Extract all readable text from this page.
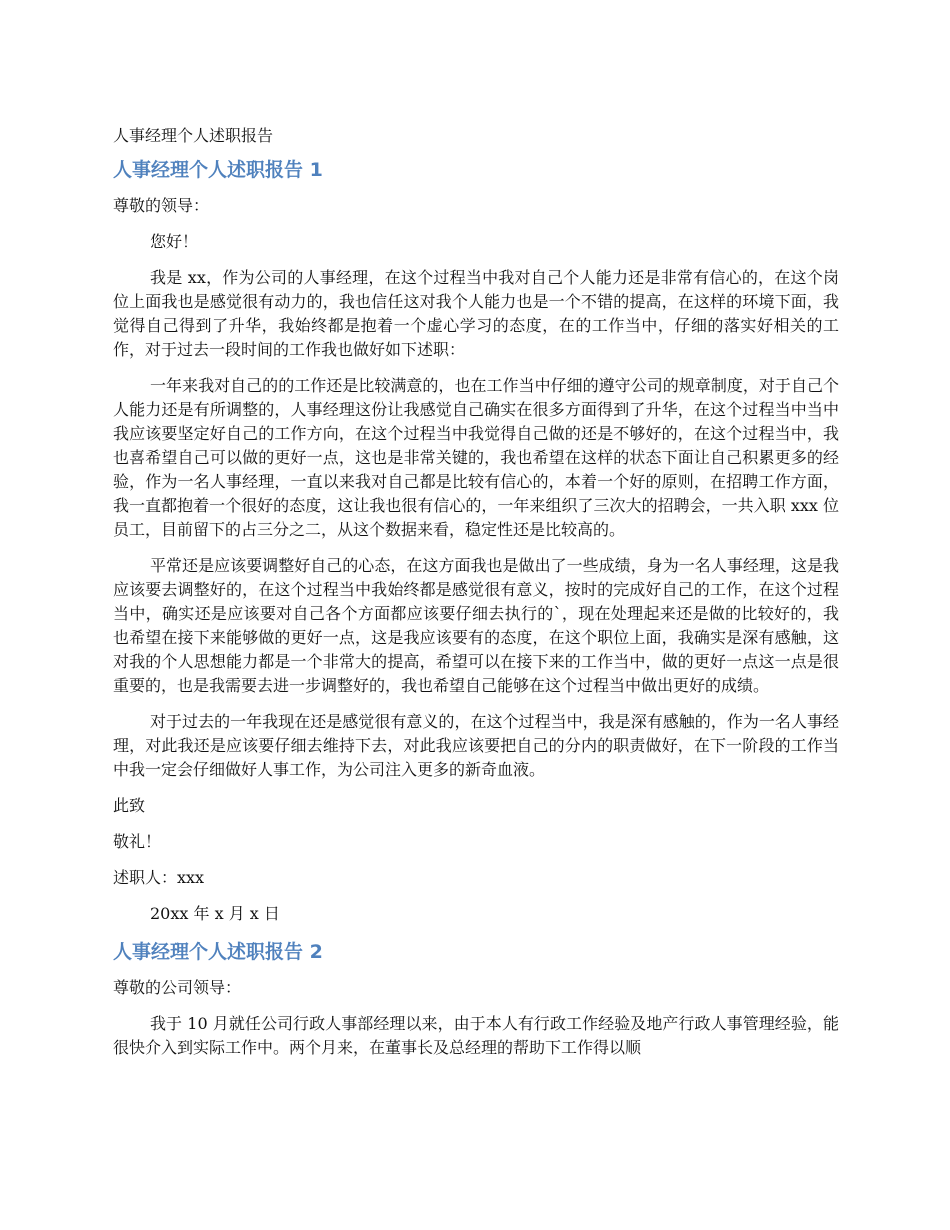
人事经理个人述职报告
人事经理个人述职报告 1
尊敬的领导：
您好！
我是 xx，作为公司的人事经理，在这个过程当中我对自己个人能力还是非常有信心的，在这个岗位上面我也是感觉很有动力的，我也信任这对我个人能力也是一个不错的提高，在这样的环境下面，我觉得自己得到了升华，我始终都是抱着一个虚心学习的态度，在的工作当中，仔细的落实好相关的工作，对于过去一段时间的工作我也做好如下述职：
一年来我对自己的的工作还是比较满意的，也在工作当中仔细的遵守公司的规章制度，对于自己个人能力还是有所调整的，人事经理这份让我感觉自己确实在很多方面得到了升华，在这个过程当中当中我应该要坚定好自己的工作方向，在这个过程当中我觉得自己做的还是不够好的，在这个过程当中，我也喜希望自己可以做的更好一点，这也是非常关键的，我也希望在这样的状态下面让自己积累更多的经验，作为一名人事经理，一直以来我对自己都是比较有信心的，本着一个好的原则，在招聘工作方面，我一直都抱着一个很好的态度，这让我也很有信心的，一年来组织了三次大的招聘会，一共入职 xxx 位员工，目前留下的占三分之二，从这个数据来看，稳定性还是比较高的。
平常还是应该要调整好自己的心态，在这方面我也是做出了一些成绩，身为一名人事经理，这是我应该要去调整好的，在这个过程当中我始终都是感觉很有意义，按时的完成好自己的工作，在这个过程当中，确实还是应该要对自己各个方面都应该要仔细去执行的`，现在处理起来还是做的比较好的，我也希望在接下来能够做的更好一点，这是我应该要有的态度，在这个职位上面，我确实是深有感触，这对我的个人思想能力都是一个非常大的提高，希望可以在接下来的工作当中，做的更好一点这一点是很重要的，也是我需要去进一步调整好的，我也希望自己能够在这个过程当中做出更好的成绩。
对于过去的一年我现在还是感觉很有意义的，在这个过程当中，我是深有感触的，作为一名人事经理，对此我还是应该要仔细去维持下去，对此我应该要把自己的分内的职责做好，在下一阶段的工作当中我一定会仔细做好人事工作，为公司注入更多的新奇血液。
此致
敬礼！
述职人：xxx
20xx 年 x 月 x 日
人事经理个人述职报告 2
尊敬的公司领导：
我于 10 月就任公司行政人事部经理以来，由于本人有行政工作经验及地产行政人事管理经验，能很快介入到实际工作中。两个月来，在董事长及总经理的帮助下工作得以顺
